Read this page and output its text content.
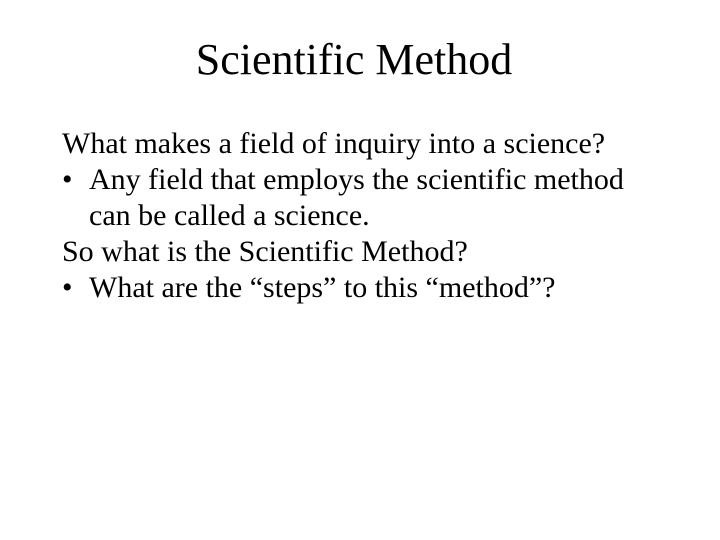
Scientific Method
What makes a field of inquiry into a science?
• Any field that employs the scientific method
can be called a science.
So what is the Scientific Method?
• What are the “steps” to this “method”?
